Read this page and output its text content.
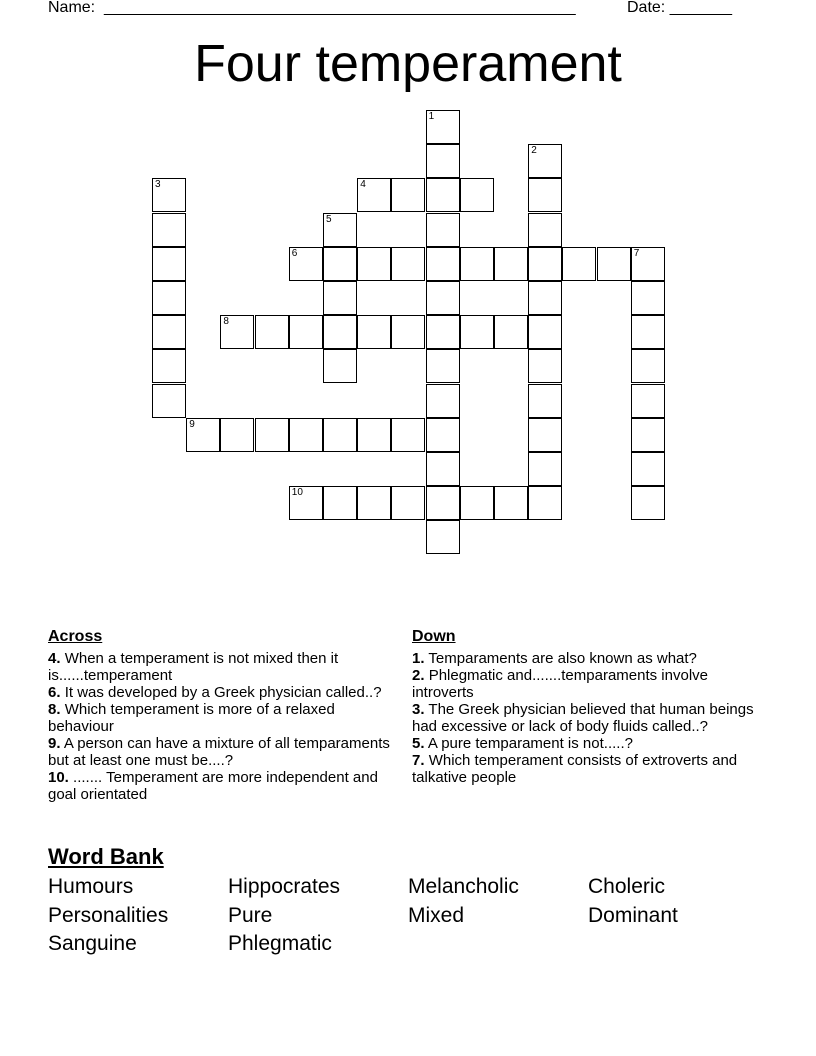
Name: _____________________________________________________	Date: _______
Four temperament
1
2
3	4
5
6	7
8
9
10
Across
4. When a temperament is not mixed then it is......temperament
6. It was developed by a Greek physician called..?
8. Which temperament is more of a relaxed behaviour
9. A person can have a mixture of all temparaments but at least one must be....?
10. ....... Temperament are more independent and goal orientated
Down
1. Temparaments are also known as what?
2. Phlegmatic and.......temparaments involve introverts
3. The Greek physician believed that human beings had excessive or lack of body fluids called..?
5. A pure temparament is not.....?
7. Which temperament consists of extroverts and talkative people
Word Bank
Humours	Hippocrates	Melancholic	Choleric
Personalities	Pure	Mixed	Dominant
Sanguine	Phlegmatic
